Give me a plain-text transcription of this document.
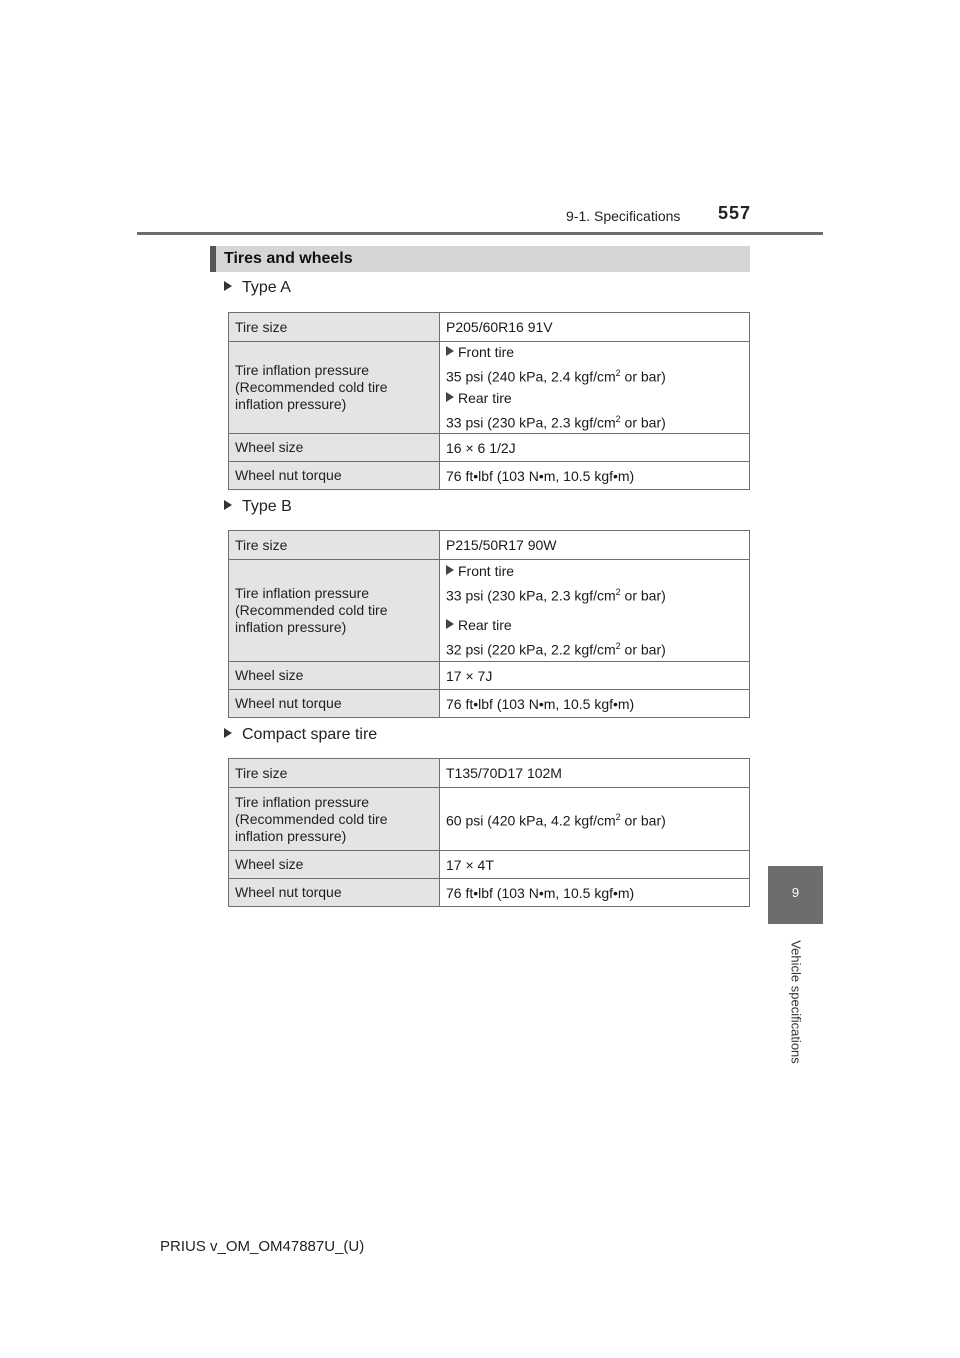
9-1. Specifications 557
Tires and wheels
Type A
Tire size	P205/60R16 91V
Tire inflation pressure (Recommended cold tire inflation pressure)	Front tire
35 psi (240 kPa, 2.4 kgf/$cm^2$ or bar)
Rear tire
33 psi (230 kPa, 2.3 kgf/$cm^2$ or bar)

Wheel size	16 × 6 1/2J
Wheel nut torque	76 ft•lbf (103 N•m, 10.5 kgf•m)
Type B
Tire size	P215/50R17 90W
Tire inflation pressure (Recommended cold tire inflation pressure)	Front tire
33 psi (230 kPa, 2.3 kgf/$cm^2$ or bar)
Rear tire
32 psi (220 kPa, 2.2 kgf/$cm^2$ or bar)

Wheel size	17 × 7J
Wheel nut torque	76 ft•lbf (103 N•m, 10.5 kgf•m)
Compact spare tire
Tire size	T135/70D17 102M
Tire inflation pressure (Recommended cold tire inflation pressure)	60 psi (420 kPa, 4.2 kgf/$cm^2$ or bar)

Wheel size	17 × 4T
Wheel nut torque	76 ft•lbf (103 N•m, 10.5 kgf•m)	9
Vehicle specifications
PRIUS v_OM_OM47887U_(U)
